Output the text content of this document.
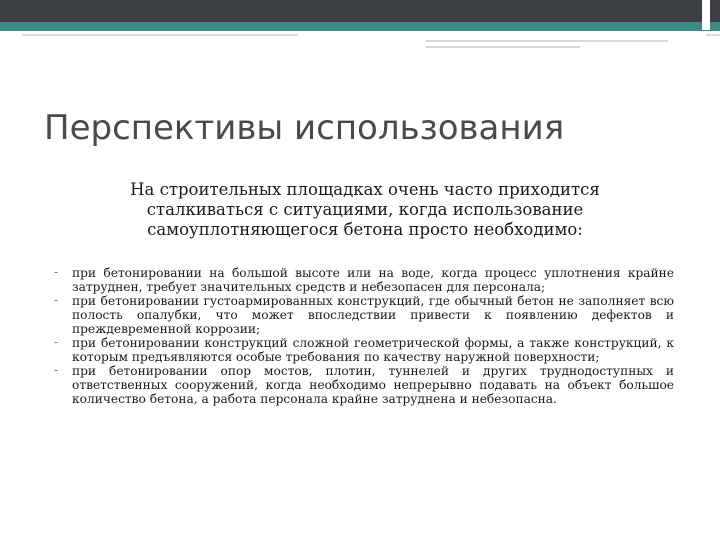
Перспективы использования

На строительных площадках очень часто приходится сталкиваться с ситуациями, когда использование самоуплотняющегося бетона просто необходимо:

- при бетонировании на большой высоте или на воде, когда процесс уплотнения крайне затруднен, требует значительных средств и небезопасен для персонала;
- при бетонировании густоармированных конструкций, где обычный бетон не заполняет всю полость опалубки, что может впоследствии привести к появлению дефектов и преждевременной коррозии;
- при бетонировании конструкций сложной геометрической формы, а также конструкций, к которым предъявляются особые требования по качеству наружной поверхности;
- при бетонировании опор мостов, плотин, туннелей и других труднодоступных и ответственных сооружений, когда необходимо непрерывно подавать на объект большое количество бетона, а работа персонала крайне затруднена и небезопасна.
